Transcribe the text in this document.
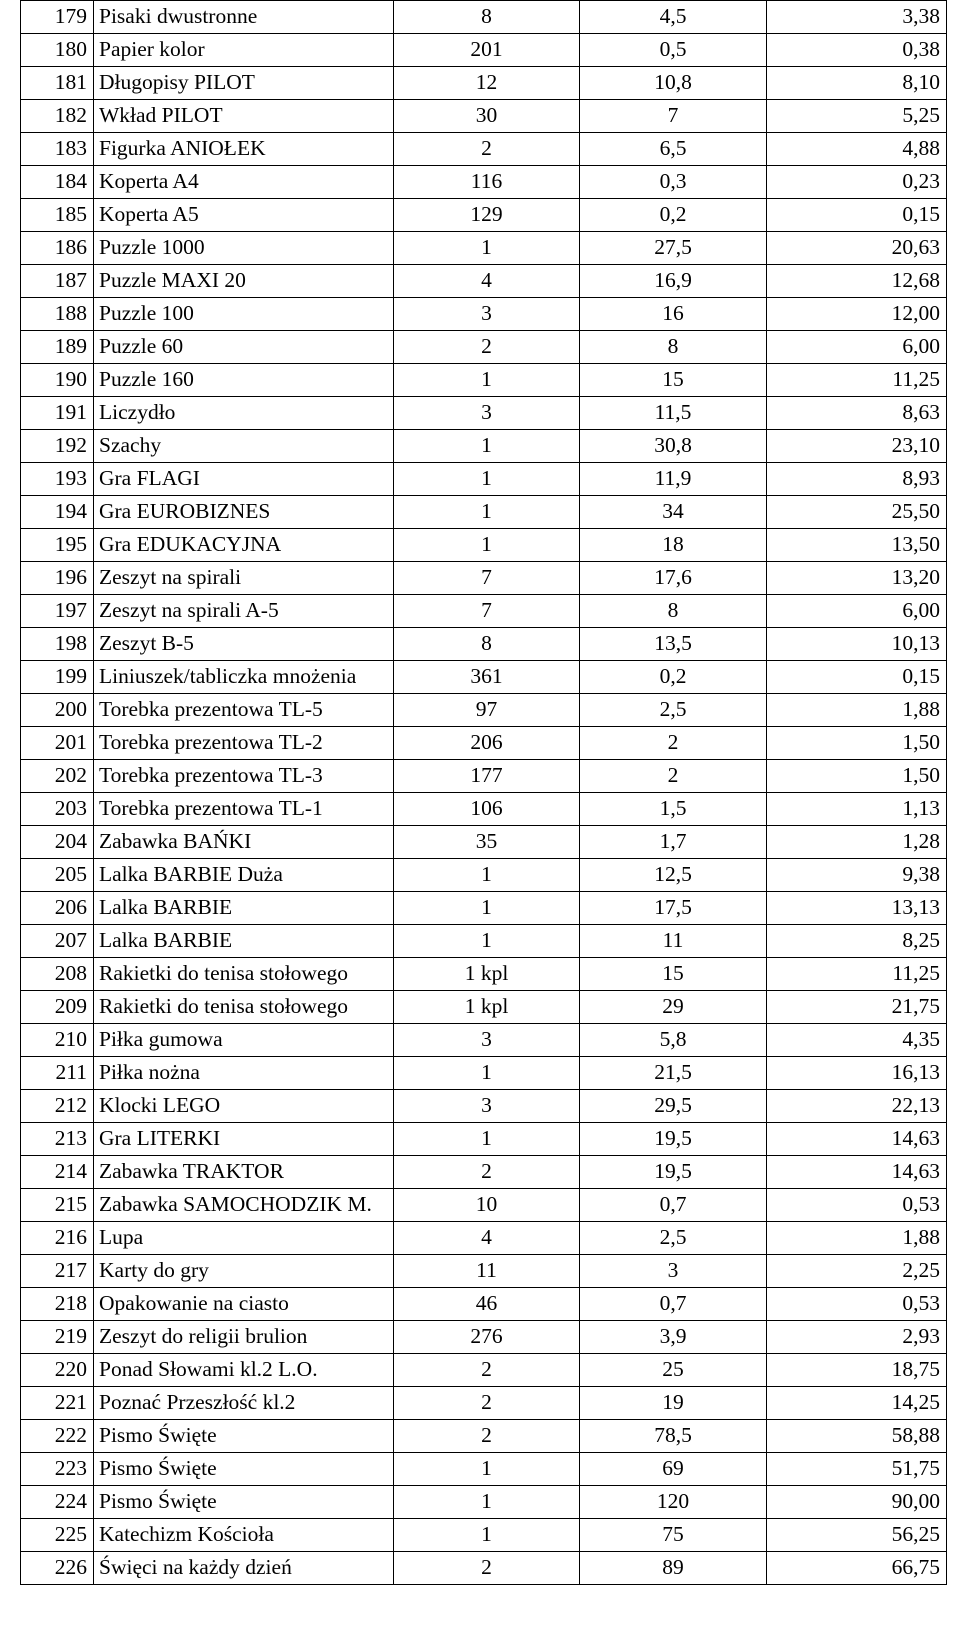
179	Pisaki dwustronne	8	4,5	3,38
180	Papier kolor	201	0,5	0,38
181	Długopisy PILOT	12	10,8	8,10
182	Wkład PILOT	30	7	5,25
183	Figurka ANIOŁEK	2	6,5	4,88
184	Koperta A4	116	0,3	0,23
185	Koperta A5	129	0,2	0,15
186	Puzzle 1000	1	27,5	20,63
187	Puzzle MAXI 20	4	16,9	12,68
188	Puzzle 100	3	16	12,00
189	Puzzle 60	2	8	6,00
190	Puzzle 160	1	15	11,25
191	Liczydło	3	11,5	8,63
192	Szachy	1	30,8	23,10
193	Gra FLAGI	1	11,9	8,93
194	Gra EUROBIZNES	1	34	25,50
195	Gra EDUKACYJNA	1	18	13,50
196	Zeszyt na spirali	7	17,6	13,20
197	Zeszyt na spirali A-5	7	8	6,00
198	Zeszyt B-5	8	13,5	10,13
199	Liniuszek/tabliczka mnożenia	361	0,2	0,15
200	Torebka prezentowa TL-5	97	2,5	1,88
201	Torebka prezentowa TL-2	206	2	1,50
202	Torebka prezentowa TL-3	177	2	1,50
203	Torebka prezentowa TL-1	106	1,5	1,13
204	Zabawka BAŃKI	35	1,7	1,28
205	Lalka BARBIE Duża	1	12,5	9,38
206	Lalka BARBIE	1	17,5	13,13
207	Lalka BARBIE	1	11	8,25
208	Rakietki do tenisa stołowego	1 kpl	15	11,25
209	Rakietki do tenisa stołowego	1 kpl	29	21,75
210	Piłka gumowa	3	5,8	4,35
211	Piłka nożna	1	21,5	16,13
212	Klocki LEGO	3	29,5	22,13
213	Gra LITERKI	1	19,5	14,63
214	Zabawka TRAKTOR	2	19,5	14,63
215	Zabawka SAMOCHODZIK M.	10	0,7	0,53
216	Lupa	4	2,5	1,88
217	Karty do gry	11	3	2,25
218	Opakowanie na ciasto	46	0,7	0,53
219	Zeszyt do religii brulion	276	3,9	2,93
220	Ponad Słowami kl.2 L.O.	2	25	18,75
221	Poznać Przeszłość kl.2	2	19	14,25
222	Pismo Święte	2	78,5	58,88
223	Pismo Święte	1	69	51,75
224	Pismo Święte	1	120	90,00
225	Katechizm Kościoła	1	75	56,25
226	Święci na każdy dzień	2	89	66,75
